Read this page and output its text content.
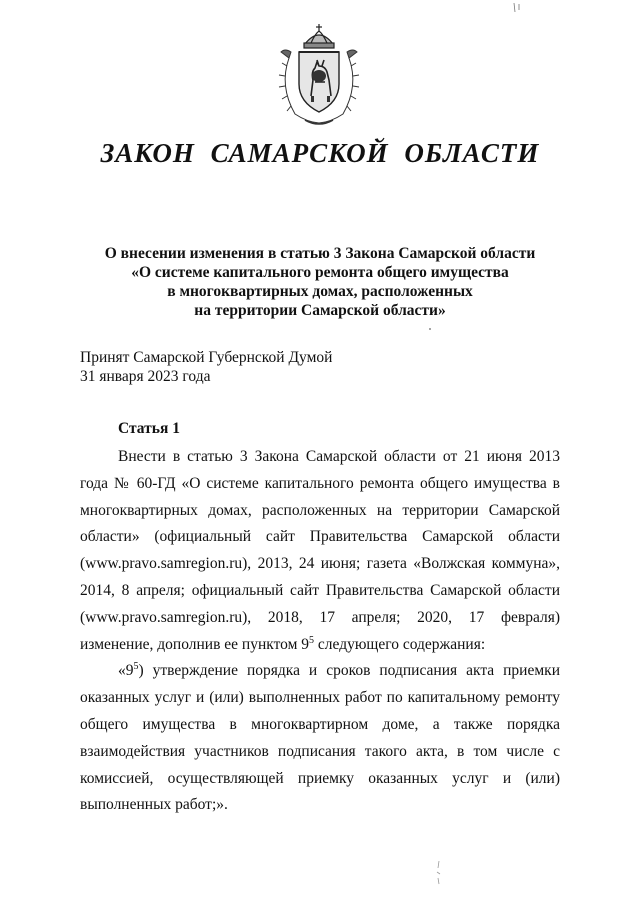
ЗАКОН САМАРСКОЙ ОБЛАСТИ
О внесении изменения в статью 3 Закона Самарской области
«О системе капитального ремонта общего имущества
в многоквартирных домах, расположенных
на территории Самарской области»
Принят Самарской Губернской Думой
31 января 2023 года
Статья 1

Внести в статью 3 Закона Самарской области от 21 июня 2013 года № 60-ГД «О системе капитального ремонта общего имущества в многоквартирных домах, расположенных на территории Самарской области» (официальный сайт Правительства Самарской области (www.pravo.samregion.ru), 2013, 24 июня; газета «Волжская коммуна», 2014, 8 апреля; официальный сайт Правительства Самарской области (www.pravo.samregion.ru), 2018, 17 апреля; 2020, 17 февраля) изменение, дополнив ее пунктом $9^5$ следующего содержания:

«$9^5$) утверждение порядка и сроков подписания акта приемки оказанных услуг и (или) выполненных работ по капитальному ремонту общего имущества в многоквартирном доме, а также порядка взаимодействия участников подписания такого акта, в том числе с комиссией, осуществляющей приемку оказанных услуг и (или) выполненных работ;».
